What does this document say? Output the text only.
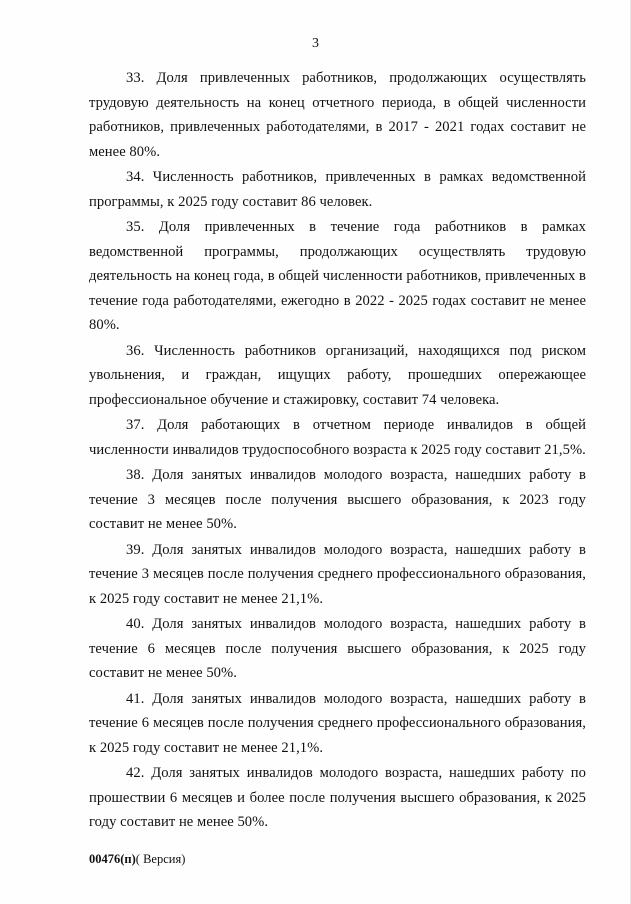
3

33. Доля привлеченных работников, продолжающих осуществлять трудовую деятельность на конец отчетного периода, в общей численности работников, привлеченных работодателями, в 2017 - 2021 годах составит не менее 80%.

34. Численность работников, привлеченных в рамках ведомственной программы, к 2025 году составит 86 человек.

35. Доля привлеченных в течение года работников в рамках ведомственной программы, продолжающих осуществлять трудовую деятельность на конец года, в общей численности работников, привлеченных в течение года работодателями, ежегодно в 2022 - 2025 годах составит не менее 80%.

36. Численность работников организаций, находящихся под риском увольнения, и граждан, ищущих работу, прошедших опережающее профессиональное обучение и стажировку, составит 74 человека.

37. Доля работающих в отчетном периоде инвалидов в общей численности инвалидов трудоспособного возраста к 2025 году составит 21,5%.

38. Доля занятых инвалидов молодого возраста, нашедших работу в течение 3 месяцев после получения высшего образования, к 2023 году составит не менее 50%.

39. Доля занятых инвалидов молодого возраста, нашедших работу в течение 3 месяцев после получения среднего профессионального образования, к 2025 году составит не менее 21,1%.

40. Доля занятых инвалидов молодого возраста, нашедших работу в течение 6 месяцев после получения высшего образования, к 2025 году составит не менее 50%.

41. Доля занятых инвалидов молодого возраста, нашедших работу в течение 6 месяцев после получения среднего профессионального образования, к 2025 году составит не менее 21,1%.

42. Доля занятых инвалидов молодого возраста, нашедших работу по прошествии 6 месяцев и более после получения высшего образования, к 2025 году составит не менее 50%.

00476(п)( Версия)
